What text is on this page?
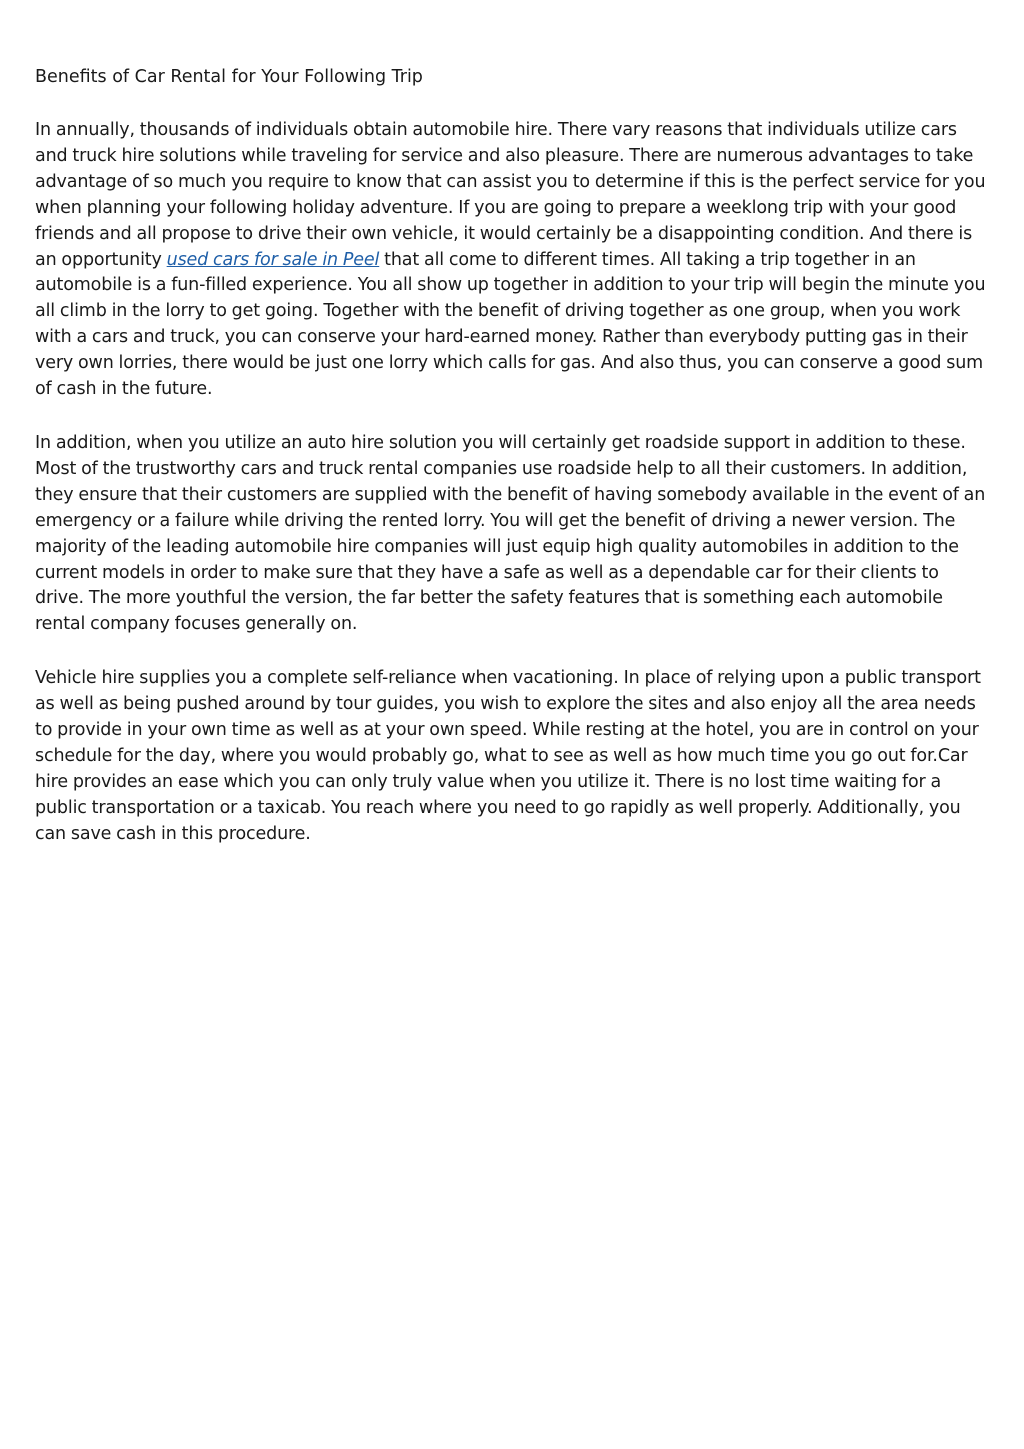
Benefits of Car Rental for Your Following Trip

In annually, thousands of individuals obtain automobile hire. There vary reasons that individuals utilize cars and truck hire solutions while traveling for service and also pleasure. There are numerous advantages to take advantage of so much you require to know that can assist you to determine if this is the perfect service for you when planning your following holiday adventure. If you are going to prepare a weeklong trip with your good friends and all propose to drive their own vehicle, it would certainly be a disappointing condition. And there is an opportunity used cars for sale in Peel that all come to different times. All taking a trip together in an automobile is a fun-filled experience. You all show up together in addition to your trip will begin the minute you all climb in the lorry to get going. Together with the benefit of driving together as one group, when you work with a cars and truck, you can conserve your hard-earned money. Rather than everybody putting gas in their very own lorries, there would be just one lorry which calls for gas. And also thus, you can conserve a good sum of cash in the future.

In addition, when you utilize an auto hire solution you will certainly get roadside support in addition to these. Most of the trustworthy cars and truck rental companies use roadside help to all their customers. In addition, they ensure that their customers are supplied with the benefit of having somebody available in the event of an emergency or a failure while driving the rented lorry. You will get the benefit of driving a newer version. The majority of the leading automobile hire companies will just equip high quality automobiles in addition to the current models in order to make sure that they have a safe as well as a dependable car for their clients to drive. The more youthful the version, the far better the safety features that is something each automobile rental company focuses generally on.

Vehicle hire supplies you a complete self-reliance when vacationing. In place of relying upon a public transport as well as being pushed around by tour guides, you wish to explore the sites and also enjoy all the area needs to provide in your own time as well as at your own speed. While resting at the hotel, you are in control on your schedule for the day, where you would probably go, what to see as well as how much time you go out for.Car hire provides an ease which you can only truly value when you utilize it. There is no lost time waiting for a public transportation or a taxicab. You reach where you need to go rapidly as well properly. Additionally, you can save cash in this procedure.
